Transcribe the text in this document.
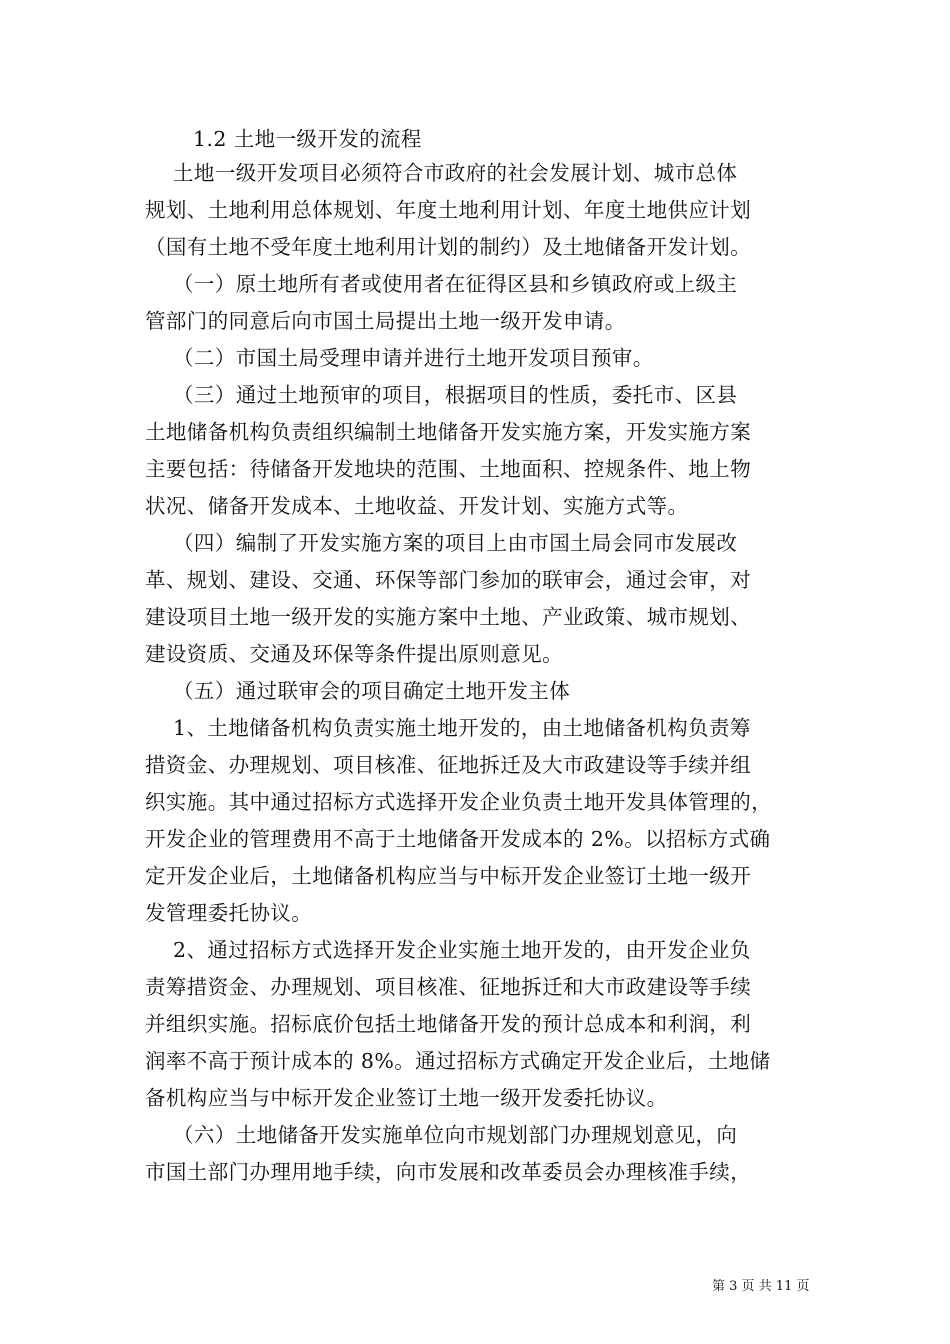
1.2 土地一级开发的流程
土地一级开发项目必须符合市政府的社会发展计划、城市总体
规划、土地利用总体规划、年度土地利用计划、年度土地供应计划
（国有土地不受年度土地利用计划的制约）及土地储备开发计划。
（一）原土地所有者或使用者在征得区县和乡镇政府或上级主
管部门的同意后向市国土局提出土地一级开发申请。
（二）市国土局受理申请并进行土地开发项目预审。
（三）通过土地预审的项目，根据项目的性质，委托市、区县
土地储备机构负责组织编制土地储备开发实施方案，开发实施方案
主要包括：待储备开发地块的范围、土地面积、控规条件、地上物
状况、储备开发成本、土地收益、开发计划、实施方式等。
（四）编制了开发实施方案的项目上由市国土局会同市发展改
革、规划、建设、交通、环保等部门参加的联审会，通过会审，对
建设项目土地一级开发的实施方案中土地、产业政策、城市规划、
建设资质、交通及环保等条件提出原则意见。
（五）通过联审会的项目确定土地开发主体
1、土地储备机构负责实施土地开发的，由土地储备机构负责筹
措资金、办理规划、项目核准、征地拆迁及大市政建设等手续并组
织实施。其中通过招标方式选择开发企业负责土地开发具体管理的，
开发企业的管理费用不高于土地储备开发成本的 2%。以招标方式确
定开发企业后，土地储备机构应当与中标开发企业签订土地一级开
发管理委托协议。
2、通过招标方式选择开发企业实施土地开发的，由开发企业负
责筹措资金、办理规划、项目核准、征地拆迁和大市政建设等手续
并组织实施。招标底价包括土地储备开发的预计总成本和利润，利
润率不高于预计成本的 8%。通过招标方式确定开发企业后，土地储
备机构应当与中标开发企业签订土地一级开发委托协议。
（六）土地储备开发实施单位向市规划部门办理规划意见，向
市国土部门办理用地手续，向市发展和改革委员会办理核准手续，
第 3 页 共 11 页
